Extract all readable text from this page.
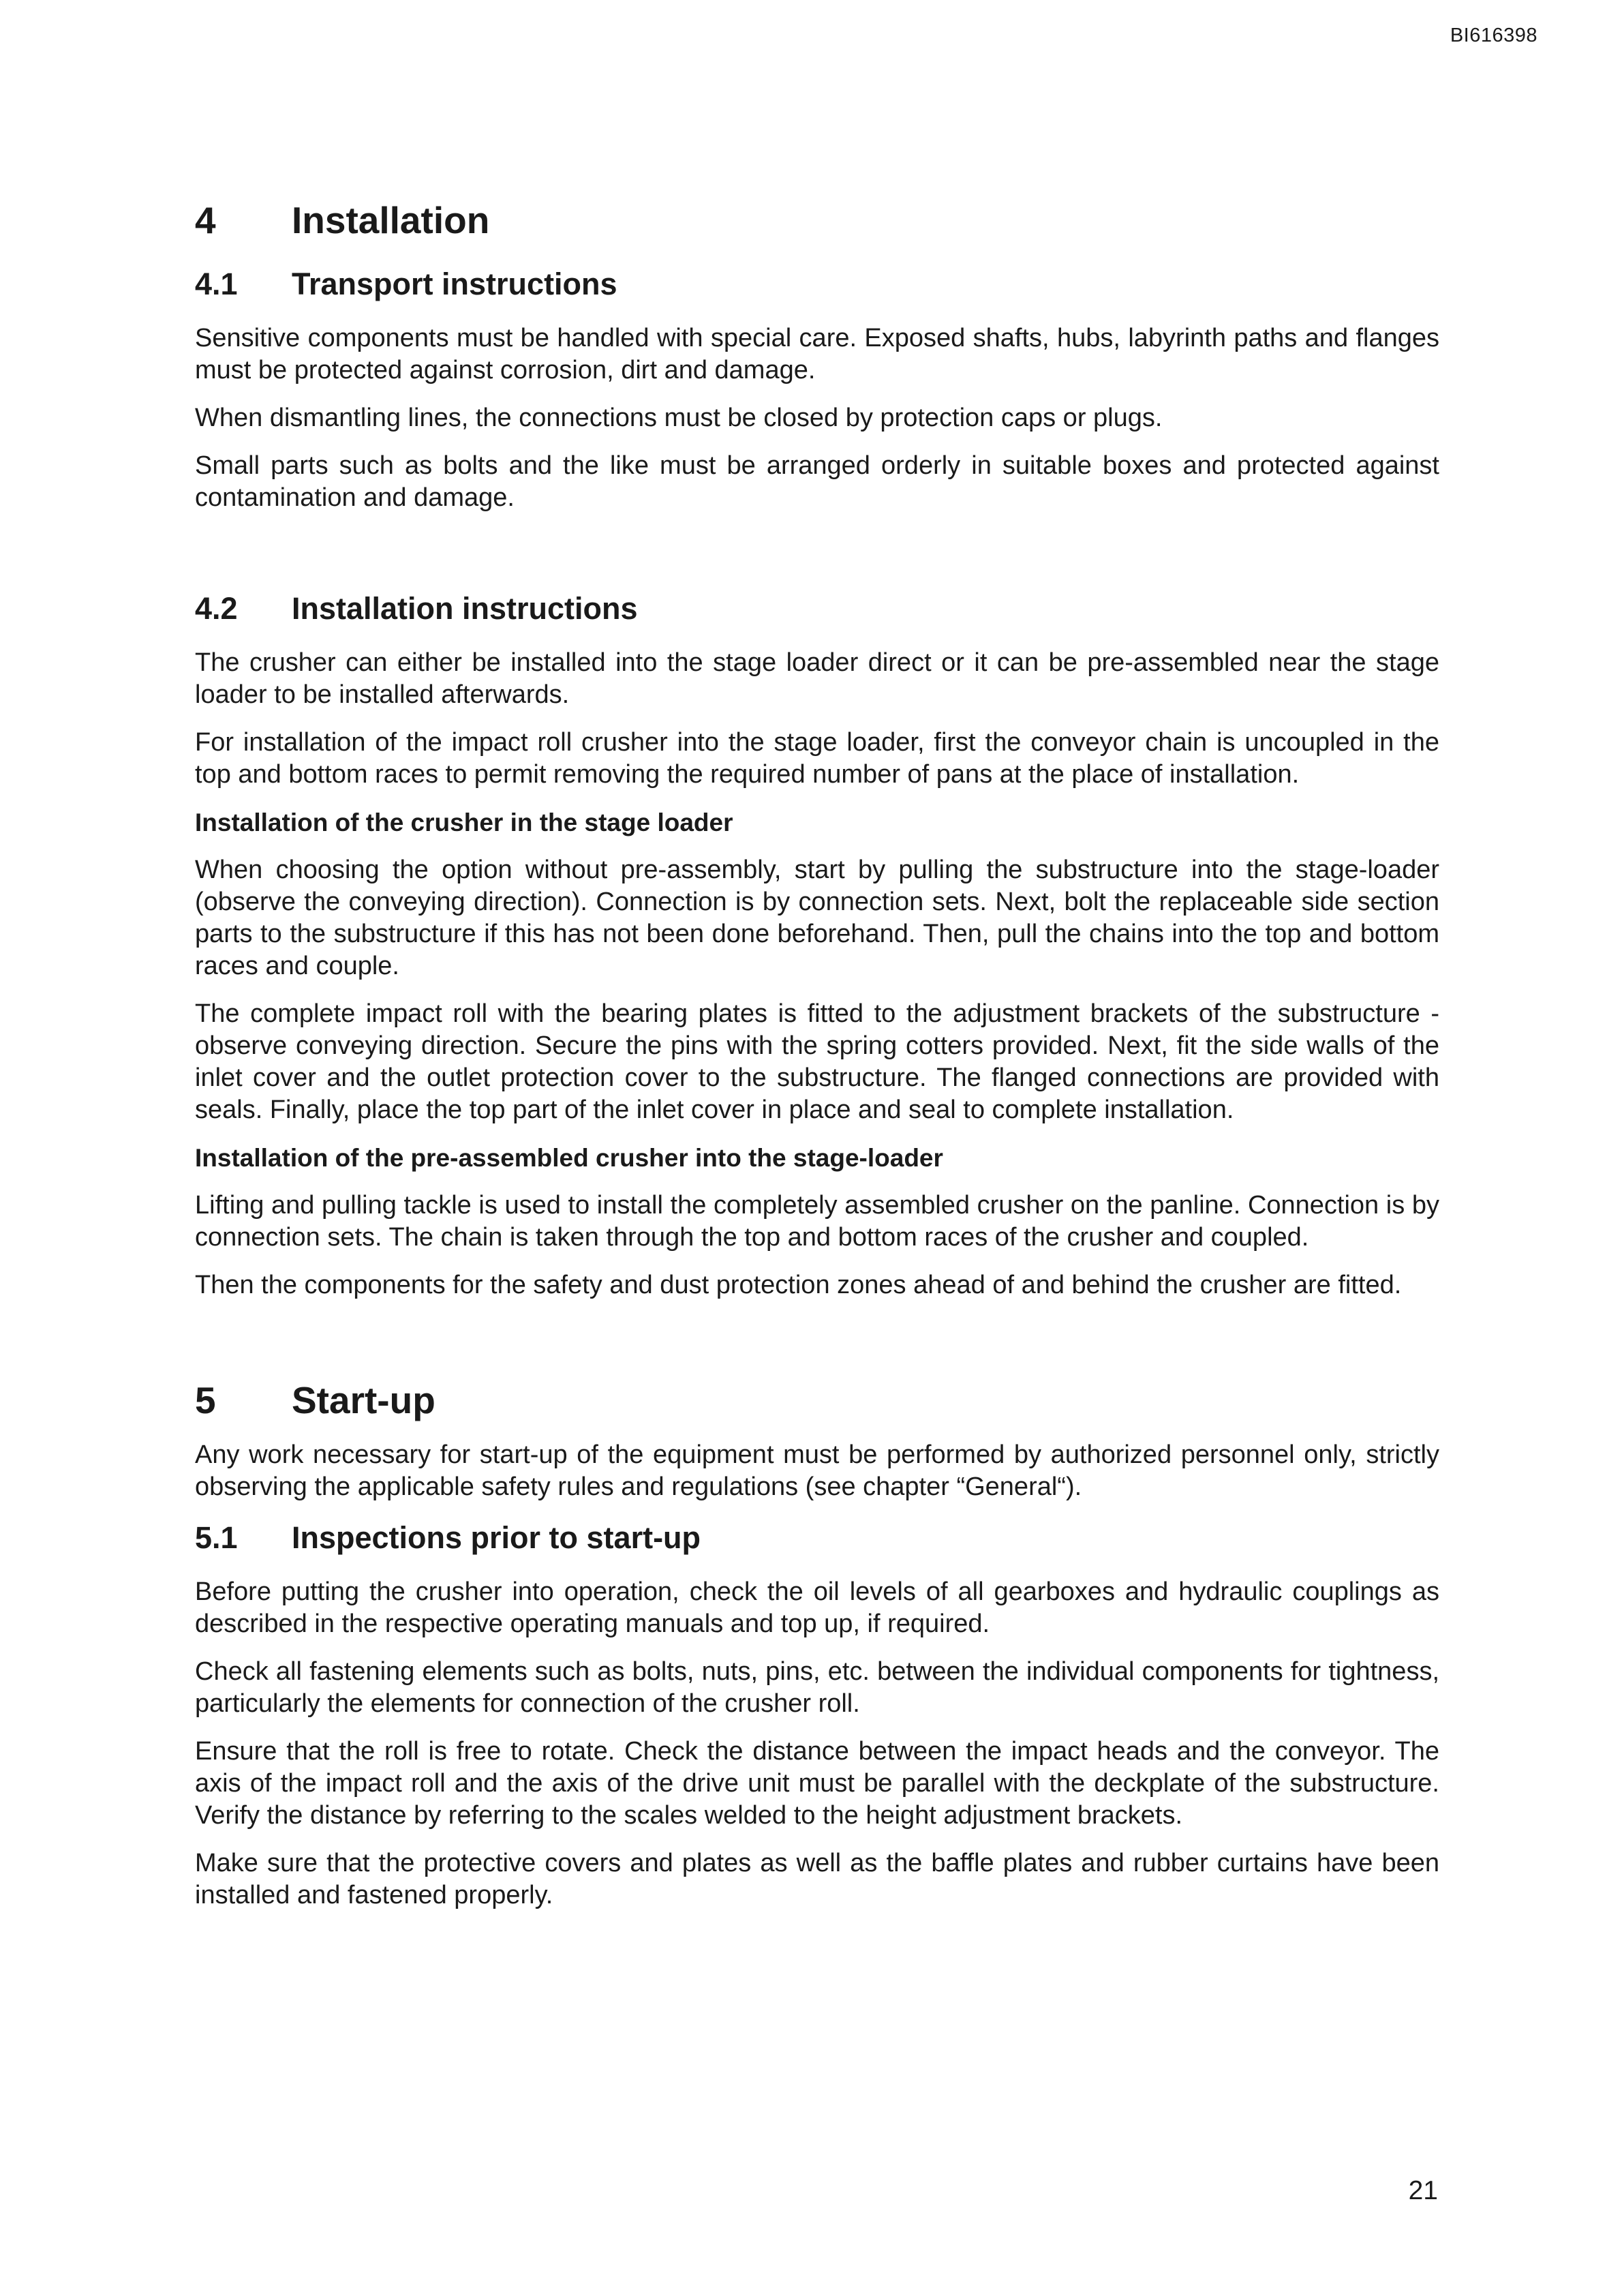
BI616398
4	Installation
4.1	Transport instructions

Sensitive components must be handled with special care. Exposed shafts, hubs, labyrinth paths and flanges must be protected against corrosion, dirt and damage.

When dismantling lines, the connections must be closed by protection caps or plugs.

Small parts such as bolts and the like must be arranged orderly in suitable boxes and protected against contamination and damage.

4.2	Installation instructions

The crusher can either be installed into the stage loader direct or it can be pre-assembled near the stage loader to be installed afterwards.

For installation of the impact roll crusher into the stage loader, first the conveyor chain is uncoupled in the top and bottom races to permit removing the required number of pans at the place of installation.

Installation of the crusher in the stage loader

When choosing the option without pre-assembly, start by pulling the substructure into the stage-loader (observe the conveying direction). Connection is by connection sets. Next, bolt the replaceable side section parts to the substructure if this has not been done beforehand. Then, pull the chains into the top and bottom races and couple.

The complete impact roll with the bearing plates is fitted to the adjustment brackets of the substructure - observe conveying direction. Secure the pins with the spring cotters provided. Next, fit the side walls of the inlet cover and the outlet protection cover to the substructure. The flanged connections are provided with seals. Finally, place the top part of the inlet cover in place and seal to complete installation.

Installation of the pre-assembled crusher into the stage-loader

Lifting and pulling tackle is used to install the completely assembled crusher on the panline. Connection is by connection sets. The chain is taken through the top and bottom races of the crusher and coupled.

Then the components for the safety and dust protection zones ahead of and behind the crusher are fitted.

5	Start-up

Any work necessary for start-up of the equipment must be performed by authorized personnel only, strictly observing the applicable safety rules and regulations (see chapter “General“).

5.1	Inspections prior to start-up

Before putting the crusher into operation, check the oil levels of all gearboxes and hydraulic couplings as described in the respective operating manuals and top up, if required.

Check all fastening elements such as bolts, nuts, pins, etc. between the individual components for tightness, particularly the elements for connection of the crusher roll.

Ensure that the roll is free to rotate. Check the distance between the impact heads and the conveyor. The axis of the impact roll and the axis of the drive unit must be parallel with the deckplate of the substructure. Verify the distance by referring to the scales welded to the height adjustment brackets.

Make sure that the protective covers and plates as well as the baffle plates and rubber curtains have been installed and fastened properly.

21
